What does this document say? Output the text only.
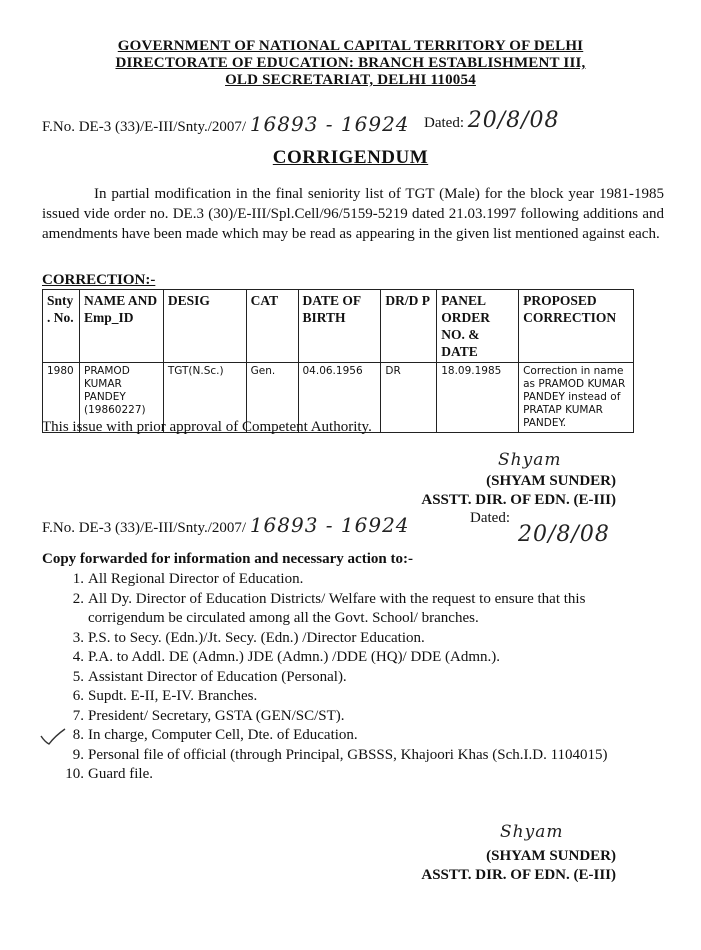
GOVERNMENT OF NATIONAL CAPITAL TERRITORY OF DELHI
DIRECTORATE OF EDUCATION: BRANCH ESTABLISHMENT III,
OLD SECRETARIAT, DELHI 110054
F.No. DE-3 (33)/E-III/Snty./2007/ 16893 - 16924 Dated: 20/8/08
CORRIGENDUM
In partial modification in the final seniority list of TGT (Male) for the block year 1981-1985 issued vide order no. DE.3 (30)/E-III/Spl.Cell/96/5159-5219 dated 21.03.1997 following additions and amendments have been made which may be read as appearing in the given list mentioned against each.
CORRECTION:-
Snty . No.	NAME AND Emp_ID	DESIG	CAT	DATE OF BIRTH	DR/D P	PANEL ORDER NO. & DATE	PROPOSED CORRECTION
1980	PRAMOD KUMAR PANDEY (19860227)	TGT(N.Sc.)	Gen.	04.06.1956	DR	18.09.1985	Correction in name as PRAMOD KUMAR PANDEY instead of PRATAP KUMAR PANDEY.
This issue with prior approval of Competent Authority.
Shyam
(SHYAM SUNDER)
ASSTT. DIR. OF EDN. (E-III)
F.No. DE-3 (33)/E-III/Snty./2007/ 16893 - 16924	Dated:
20/8/08
Copy forwarded for information and necessary action to:-
1. All Regional Director of Education.
2. All Dy. Director of Education Districts/ Welfare with the request to ensure that this corrigendum be circulated among all the Govt. School/ branches.
3. P.S. to Secy. (Edn.)/Jt. Secy. (Edn.) /Director Education.
4. P.A. to Addl. DE (Admn.) JDE (Admn.) /DDE (HQ)/ DDE (Admn.).
5. Assistant Director of Education (Personal).
6. Supdt. E-II, E-IV. Branches.
7. President/ Secretary, GSTA (GEN/SC/ST).
8. In charge, Computer Cell, Dte. of Education.
9. Personal file of official (through Principal, GBSSS, Khajoori Khas (Sch.I.D. 1104015)
10. Guard file.
Shyam
(SHYAM SUNDER)
ASSTT. DIR. OF EDN. (E-III)
